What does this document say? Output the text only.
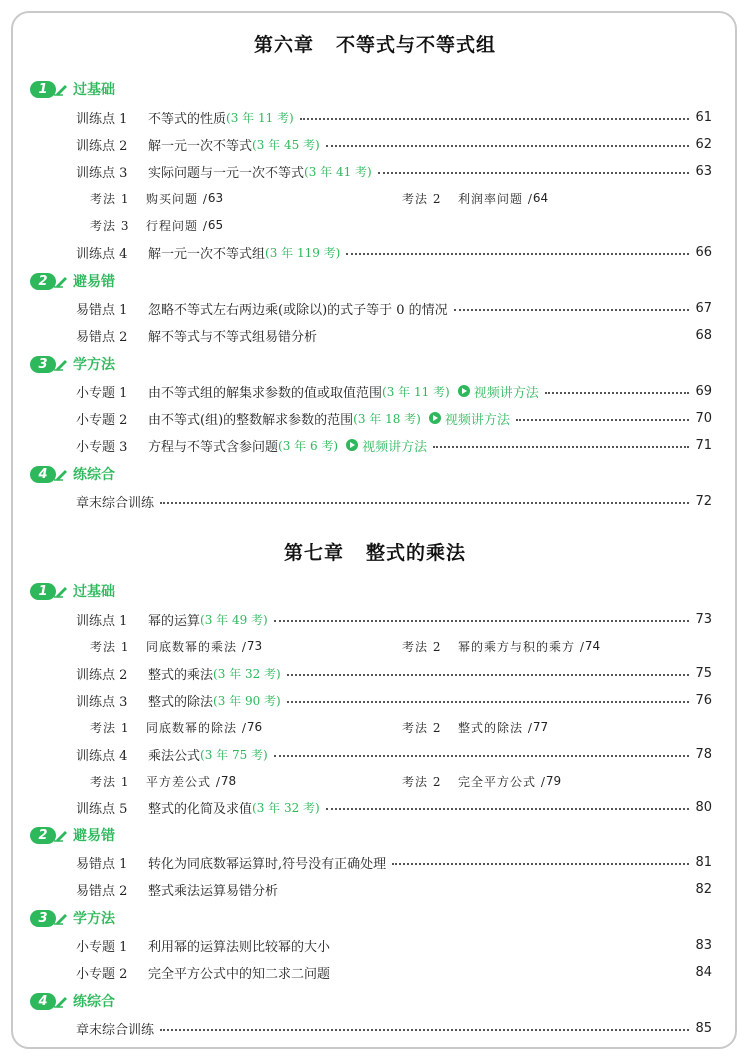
第六章 不等式与不等式组
1	过基础
训练点 1	不等式的性质 (3 年 11 考)	61
训练点 2	解一元一次不等式 (3 年 45 考)	62
训练点 3	实际问题与一元一次不等式 (3 年 41 考)	63
考法 1	购买问题 / 63	考法 2	利润率问题 / 64
考法 3	行程问题 / 65
训练点 4	解一元一次不等式组 (3 年 119 考)	66
2	避易错
易错点 1	忽略不等式左右两边乘(或除以)的式子等于 0 的情况	67
易错点 2	解不等式与不等式组易错分析	68
3	学方法
小专题 1	由不等式组的解集求参数的值或取值范围 (3 年 11 考) 视频讲方法	69
小专题 2	由不等式(组)的整数解求参数的范围 (3 年 18 考) 视频讲方法	70
小专题 3	方程与不等式含参问题 (3 年 6 考) 视频讲方法	71
4	练综合
章末综合训练	72
第七章 整式的乘法
1	过基础
训练点 1	幂的运算 (3 年 49 考)	73
考法 1	同底数幂的乘法 / 73	考法 2	幂的乘方与积的乘方 / 74
训练点 2	整式的乘法 (3 年 32 考)	75
训练点 3	整式的除法 (3 年 90 考)	76
考法 1	同底数幂的除法 / 76	考法 2	整式的除法 / 77
训练点 4	乘法公式 (3 年 75 考)	78
考法 1	平方差公式 / 78	考法 2	完全平方公式 / 79
训练点 5	整式的化简及求值 (3 年 32 考)	80
2	避易错
易错点 1	转化为同底数幂运算时,符号没有正确处理	81
易错点 2	整式乘法运算易错分析	82
3	学方法
小专题 1	利用幂的运算法则比较幂的大小	83
小专题 2	完全平方公式中的知二求二问题	84
4	练综合
章末综合训练	85
